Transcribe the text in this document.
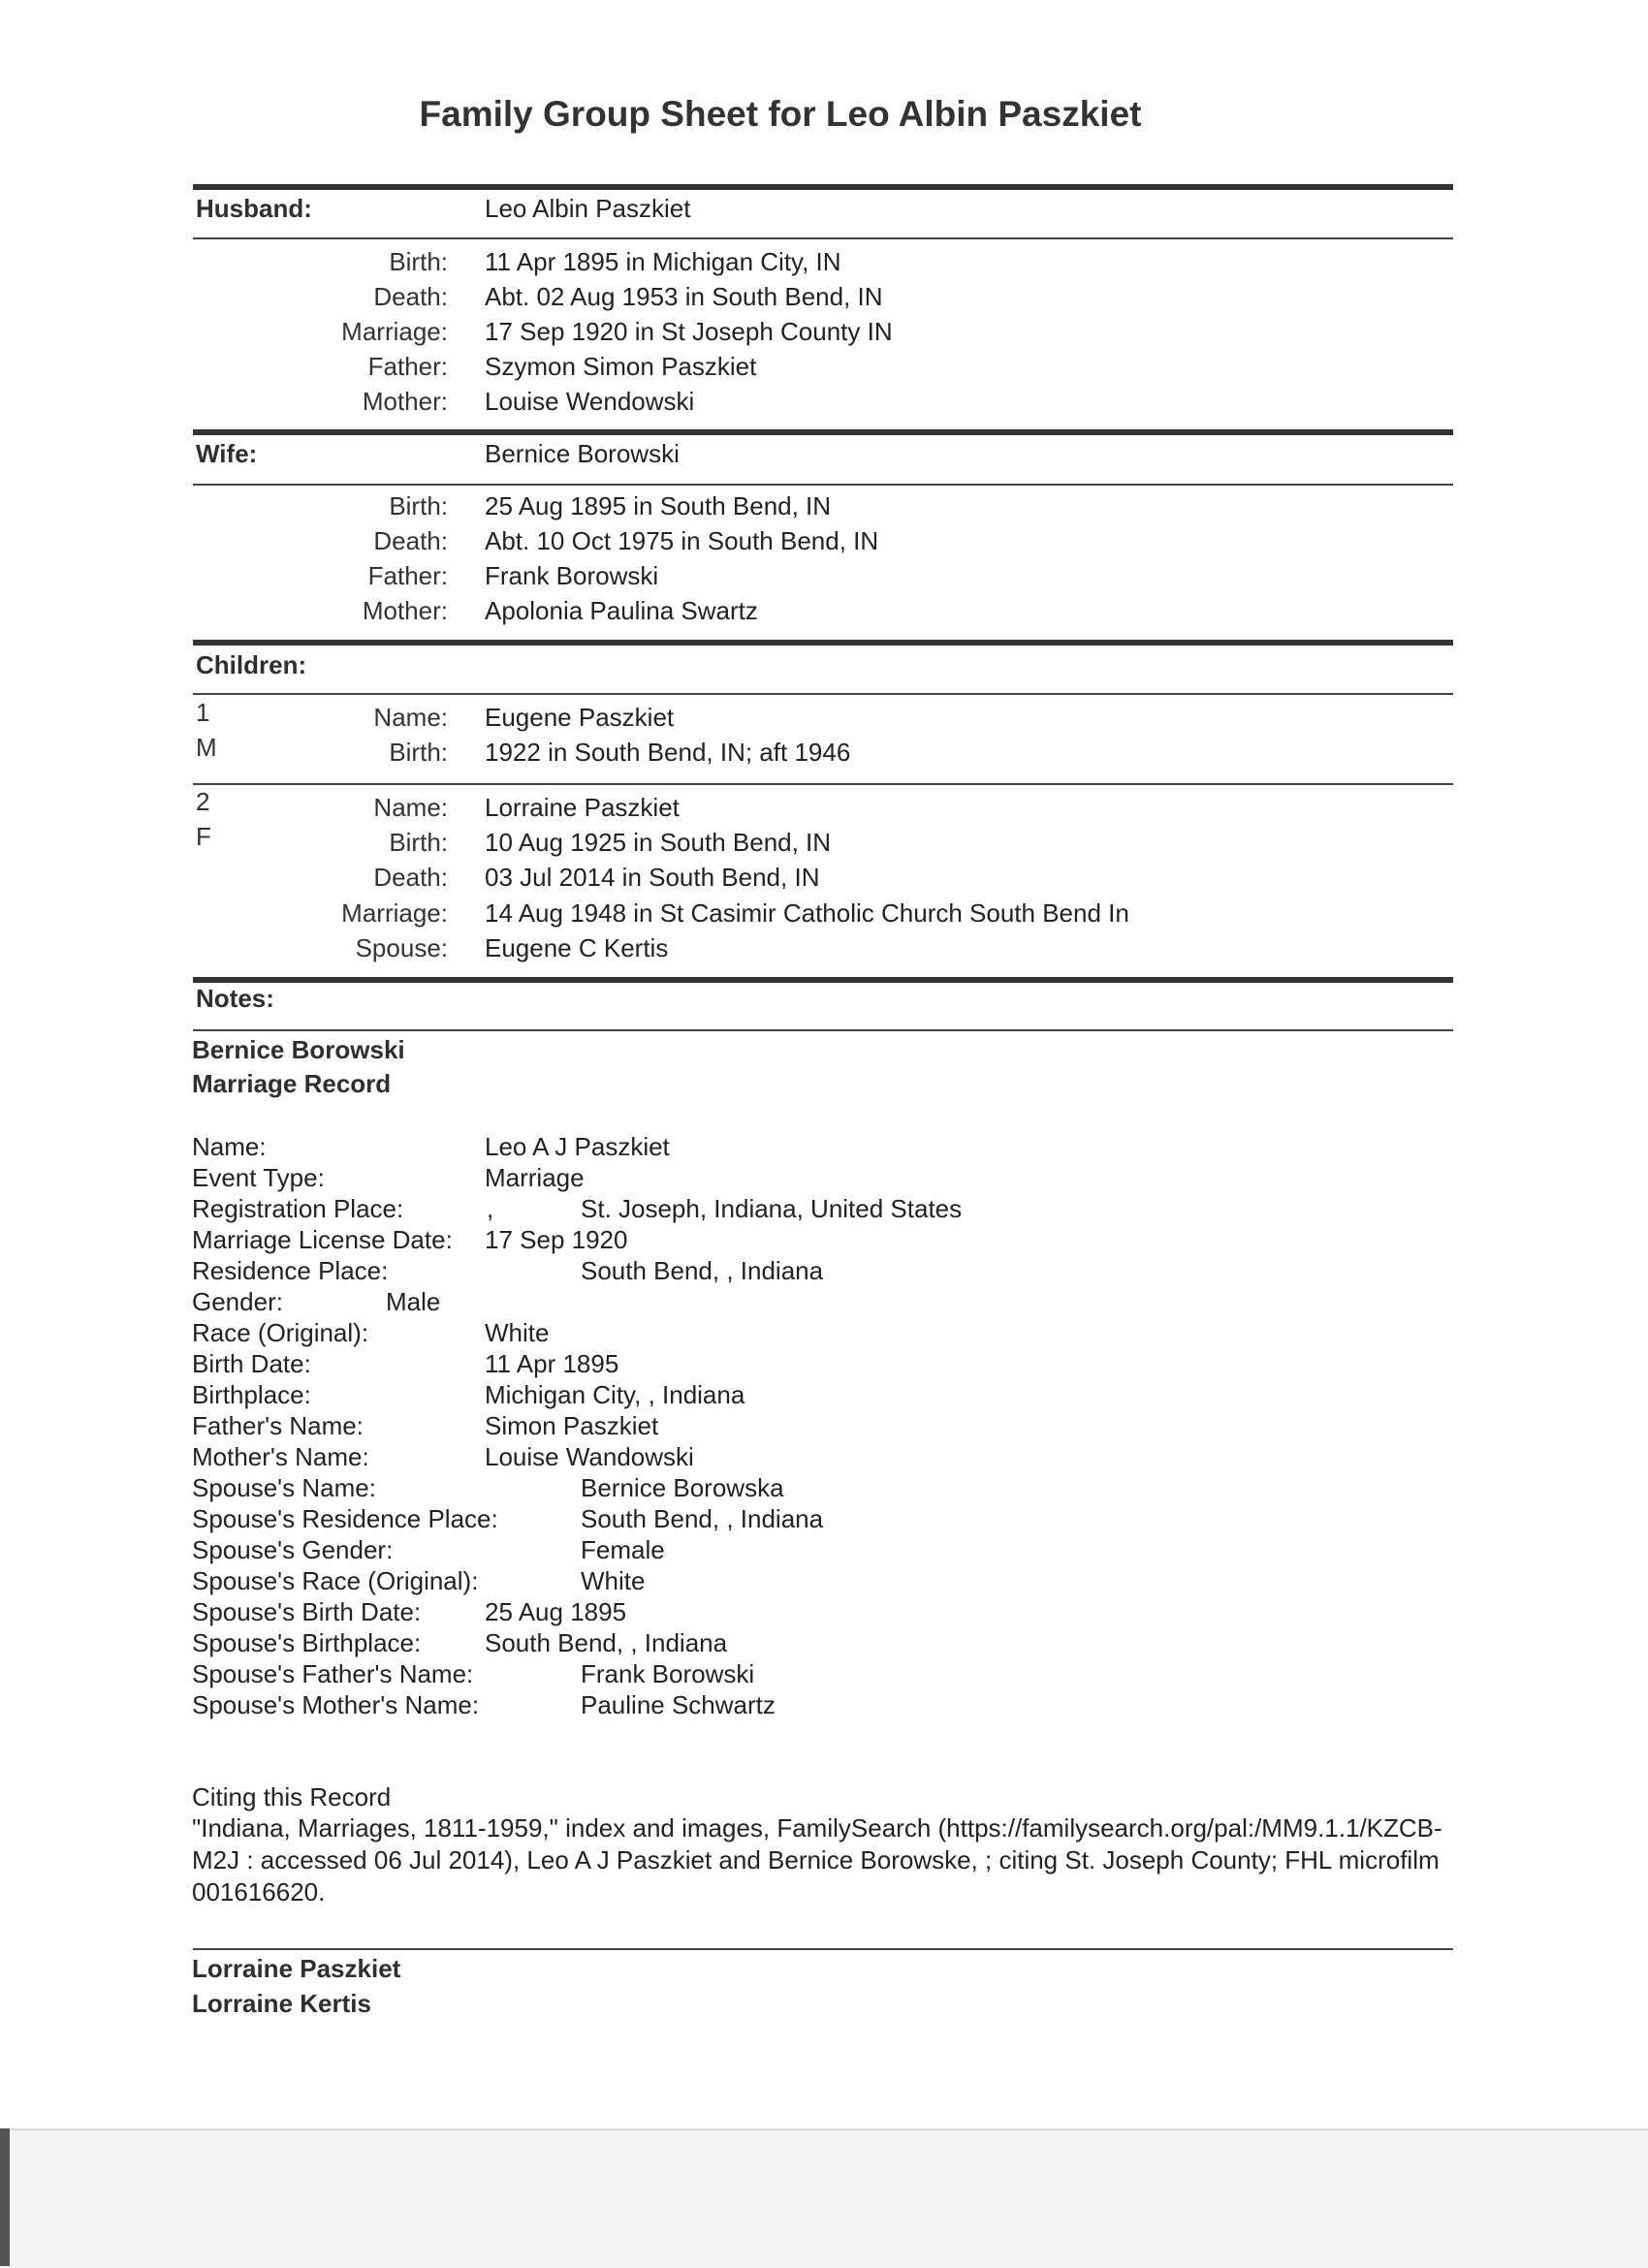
Family Group Sheet for Leo Albin Paszkiet
Husband:	Leo Albin Paszkiet
Birth: 11 Apr 1895 in Michigan City, IN
Death: Abt. 02 Aug 1953 in South Bend, IN
Marriage: 17 Sep 1920 in St Joseph County IN
Father: Szymon Simon Paszkiet
Mother: Louise Wendowski
Wife:	Bernice Borowski
Birth: 25 Aug 1895 in South Bend, IN
Death: Abt. 10 Oct 1975 in South Bend, IN
Father: Frank Borowski
Mother: Apolonia Paulina Swartz
Children:
1
M
Name: Eugene Paszkiet
Birth: 1922 in South Bend, IN; aft 1946
2
F
Name: Lorraine Paszkiet
Birth: 10 Aug 1925 in South Bend, IN
Death: 03 Jul 2014 in South Bend, IN
Marriage: 14 Aug 1948 in St Casimir Catholic Church South Bend In
Spouse: Eugene C Kertis
Notes:
Bernice Borowski
Marriage Record
Name:	Leo A J Paszkiet
Event Type:	Marriage
Registration Place:	,	St. Joseph, Indiana, United States
Marriage License Date: 17 Sep 1920
Residence Place:	South Bend, , Indiana
Gender:	Male
Race (Original):	White
Birth Date:	11 Apr 1895
Birthplace:	Michigan City, , Indiana
Father's Name:	Simon Paszkiet
Mother's Name:	Louise Wandowski
Spouse's Name:	Bernice Borowska
Spouse's Residence Place:	South Bend, , Indiana
Spouse's Gender:	Female
Spouse's Race (Original):	White
Spouse's Birth Date:	25 Aug 1895
Spouse's Birthplace:	South Bend, , Indiana
Spouse's Father's Name:	Frank Borowski
Spouse's Mother's Name:	Pauline Schwartz
Citing this Record
"Indiana, Marriages, 1811-1959," index and images, FamilySearch (https://familysearch.org/pal:/MM9.1.1/KZCB-M2J : accessed 06 Jul 2014), Leo A J Paszkiet and Bernice Borowske, ; citing St. Joseph County; FHL microfilm 001616620.
Lorraine Paszkiet
Lorraine Kertis
